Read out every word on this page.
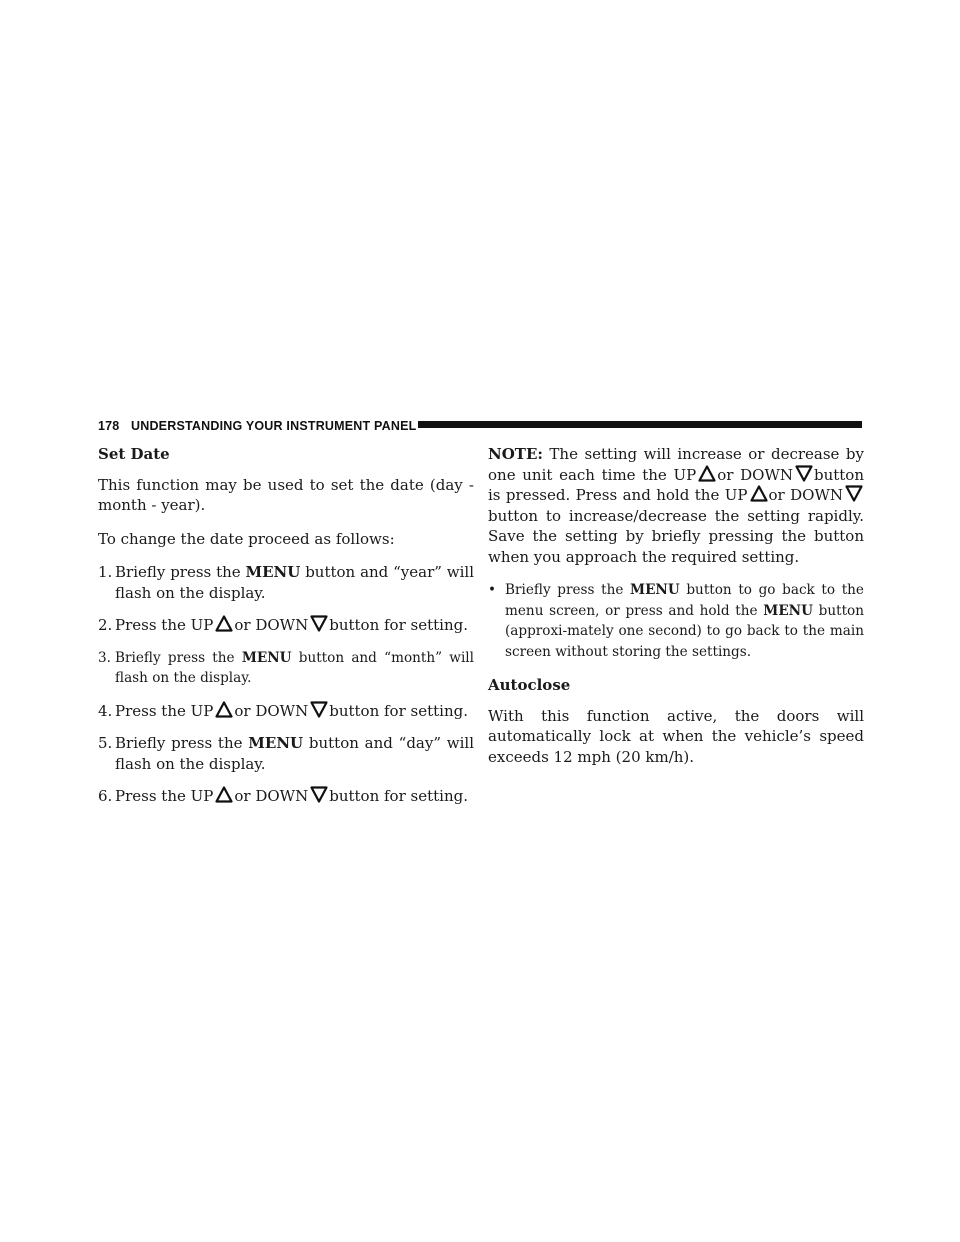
178 UNDERSTANDING YOUR INSTRUMENT PANEL

Set Date

This function may be used to set the date (day - month - year).

To change the date proceed as follows:

1. Briefly press the MENU button and “year” will flash on the display.

2. Press the UP or DOWN button for setting.

3. Briefly press the MENU button and “month” will flash on the display.

4. Press the UP or DOWN button for setting.

5. Briefly press the MENU button and “day” will flash on the display.

6. Press the UP or DOWN button for setting.

NOTE: The setting will increase or decrease by one unit each time the UP or DOWN button is pressed. Press and hold the UP or DOWN
button to increase/decrease the setting rapidly. Save the setting by briefly pressing the button when you approach the required setting.

• Briefly press the MENU button to go back to the menu screen, or press and hold the MENU button (approxi-mately one second) to go back to the main screen without storing the settings.

Autoclose

With this function active, the doors will automatically lock at when the vehicle’s speed exceeds 12 mph (20 km/h).
